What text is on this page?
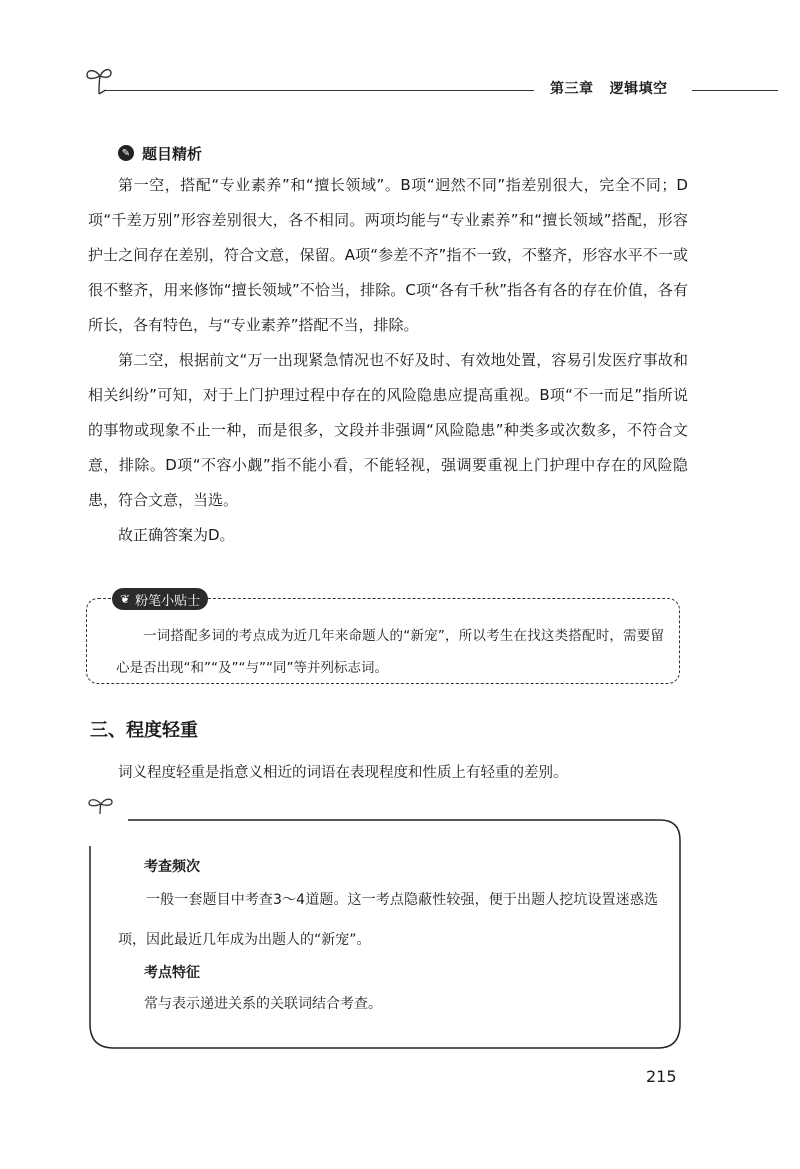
第三章 逻辑填空
✎ 题目精析

第一空，搭配“专业素养”和“擅长领域”。B项“迥然不同”指差别很大，完全不同；D项“千差万别”形容差别很大，各不相同。两项均能与“专业素养”和“擅长领域”搭配，形容护士之间存在差别，符合文意，保留。A项“参差不齐”指不一致，不整齐，形容水平不一或很不整齐，用来修饰“擅长领域”不恰当，排除。C项“各有千秋”指各有各的存在价值，各有所长，各有特色，与“专业素养”搭配不当，排除。

第二空，根据前文“万一出现紧急情况也不好及时、有效地处置，容易引发医疗事故和相关纠纷”可知，对于上门护理过程中存在的风险隐患应提高重视。B项“不一而足”指所说的事物或现象不止一种，而是很多，文段并非强调“风险隐患”种类多或次数多，不符合文意，排除。D项“不容小觑”指不能小看，不能轻视，强调要重视上门护理中存在的风险隐患，符合文意，当选。

故正确答案为D。

❦ 粉笔小贴士

一词搭配多词的考点成为近几年来命题人的“新宠”，所以考生在找这类搭配时，需要留心是否出现“和”“及”“与”“同”等并列标志词。

三、程度轻重
词义程度轻重是指意义相近的词语在表现程度和性质上有轻重的差别。
考查频次

一般一套题目中考查3～4道题。这一考点隐蔽性较强，便于出题人挖坑设置迷惑选项，因此最近几年成为出题人的“新宠”。

考点特征
常与表示递进关系的关联词结合考查。
215
